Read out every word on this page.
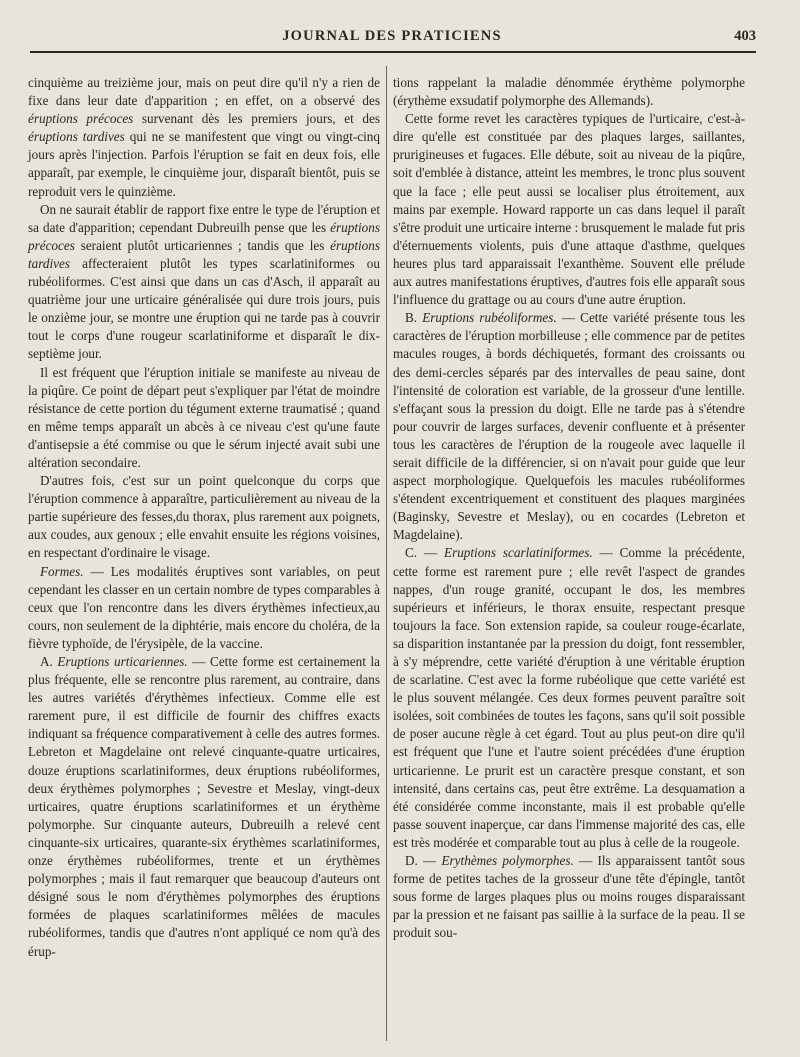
JOURNAL DES PRATICIENS	403

cinquième au treizième jour, mais on peut dire qu'il n'y a rien de fixe dans leur date d'apparition ; en effet, on a observé des éruptions précoces survenant dès les premiers jours, et des éruptions tardives qui ne se manifestent que vingt ou vingt-cinq jours après l'injection. Parfois l'éruption se fait en deux fois, elle apparaît, par exemple, le cinquième jour, disparaît bientôt, puis se reproduit vers le quinzième.

On ne saurait établir de rapport fixe entre le type de l'éruption et sa date d'apparition; cependant Dubreuilh pense que les éruptions précoces seraient plutôt urticariennes ; tandis que les éruptions tardives affecteraient plutôt les types scarlatiniformes ou rubéoliformes. C'est ainsi que dans un cas d'Asch, il apparaît au quatrième jour une urticaire généralisée qui dure trois jours, puis le onzième jour, se montre une éruption qui ne tarde pas à couvrir tout le corps d'une rougeur scarlatiniforme et disparaît le dix-septième jour.

Il est fréquent que l'éruption initiale se manifeste au niveau de la piqûre. Ce point de départ peut s'expliquer par l'état de moindre résistance de cette portion du tégument externe traumatisé ; quand en même temps apparaît un abcès à ce niveau c'est qu'une faute d'antisepsie a été commise ou que le sérum injecté avait subi une altération secondaire.

D'autres fois, c'est sur un point quelconque du corps que l'éruption commence à apparaître, particulièrement au niveau de la partie supérieure des fesses,du thorax, plus rarement aux poignets, aux coudes, aux genoux ; elle envahit ensuite les régions voisines, en respectant d'ordinaire le visage.

Formes. — Les modalités éruptives sont variables, on peut cependant les classer en un certain nombre de types comparables à ceux que l'on rencontre dans les divers érythèmes infectieux,au cours, non seulement de la diphtérie, mais encore du choléra, de la fièvre typhoïde, de l'érysipèle, de la vaccine.

A. Eruptions urticariennes. — Cette forme est certainement la plus fréquente, elle se rencontre plus rarement, au contraire, dans les autres variétés d'érythèmes infectieux. Comme elle est rarement pure, il est difficile de fournir des chiffres exacts indiquant sa fréquence comparativement à celle des autres formes. Lebreton et Magdelaine ont relevé cinquante-quatre urticaires, douze éruptions scarlatiniformes, deux éruptions rubéoliformes, deux érythèmes polymorphes ; Sevestre et Meslay, vingt-deux urticaires, quatre éruptions scarlatiniformes et un érythème polymorphe. Sur cinquante auteurs, Dubreuilh a relevé cent cinquante-six urticaires, quarante-six érythèmes scarlatiniformes, onze érythèmes rubéoliformes, trente et un érythèmes polymorphes ; mais il faut remarquer que beaucoup d'auteurs ont désigné sous le nom d'érythèmes polymorphes des éruptions formées de plaques scarlatiniformes mêlées de macules rubéoliformes, tandis que d'autres n'ont appliqué ce nom qu'à des érup-

tions rappelant la maladie dénommée érythème polymorphe (érythème exsudatif polymorphe des Allemands).

Cette forme revet les caractères typiques de l'urticaire, c'est-à-dire qu'elle est constituée par des plaques larges, saillantes, prurigineuses et fugaces. Elle débute, soit au niveau de la piqûre, soit d'emblée à distance, atteint les membres, le tronc plus souvent que la face ; elle peut aussi se localiser plus étroitement, aux mains par exemple. Howard rapporte un cas dans lequel il paraît s'être produit une urticaire interne : brusquement le malade fut pris d'éternuements violents, puis d'une attaque d'asthme, quelques heures plus tard apparaissait l'exanthème. Souvent elle prélude aux autres manifestations éruptives, d'autres fois elle apparaît sous l'influence du grattage ou au cours d'une autre éruption.

B. Eruptions rubéoliformes. — Cette variété présente tous les caractères de l'éruption morbilleuse ; elle commence par de petites macules rouges, à bords déchiquetés, formant des croissants ou des demi-cercles séparés par des intervalles de peau saine, dont l'intensité de coloration est variable, de la grosseur d'une lentille. s'effaçant sous la pression du doigt. Elle ne tarde pas à s'étendre pour couvrir de larges surfaces, devenir confluente et à présenter tous les caractères de l'éruption de la rougeole avec laquelle il serait difficile de la différencier, si on n'avait pour guide que leur aspect morphologique. Quelquefois les macules rubéoliformes s'étendent excentriquement et constituent des plaques marginées (Baginsky, Sevestre et Meslay), ou en cocardes (Lebreton et Magdelaine).

C. — Eruptions scarlatiniformes. — Comme la précédente, cette forme est rarement pure ; elle revêt l'aspect de grandes nappes, d'un rouge granité, occupant le dos, les membres supérieurs et inférieurs, le thorax ensuite, respectant presque toujours la face. Son extension rapide, sa couleur rouge-écarlate, sa disparition instantanée par la pression du doigt, font ressembler, à s'y méprendre, cette variété d'éruption à une véritable éruption de scarlatine. C'est avec la forme rubéolique que cette variété est le plus souvent mélangée. Ces deux formes peuvent paraître soit isolées, soit combinées de toutes les façons, sans qu'il soit possible de poser aucune règle à cet égard. Tout au plus peut-on dire qu'il est fréquent que l'une et l'autre soient précédées d'une éruption urticarienne. Le prurit est un caractère presque constant, et son intensité, dans certains cas, peut être extrême. La desquamation a été considérée comme inconstante, mais il est probable qu'elle passe souvent inaperçue, car dans l'immense majorité des cas, elle est très modérée et comparable tout au plus à celle de la rougeole.

D. — Erythèmes polymorphes. — Ils apparaissent tantôt sous forme de petites taches de la grosseur d'une tête d'épingle, tantôt sous forme de larges plaques plus ou moins rouges disparaissant par la pression et ne faisant pas saillie à la surface de la peau. Il se produit sou-
